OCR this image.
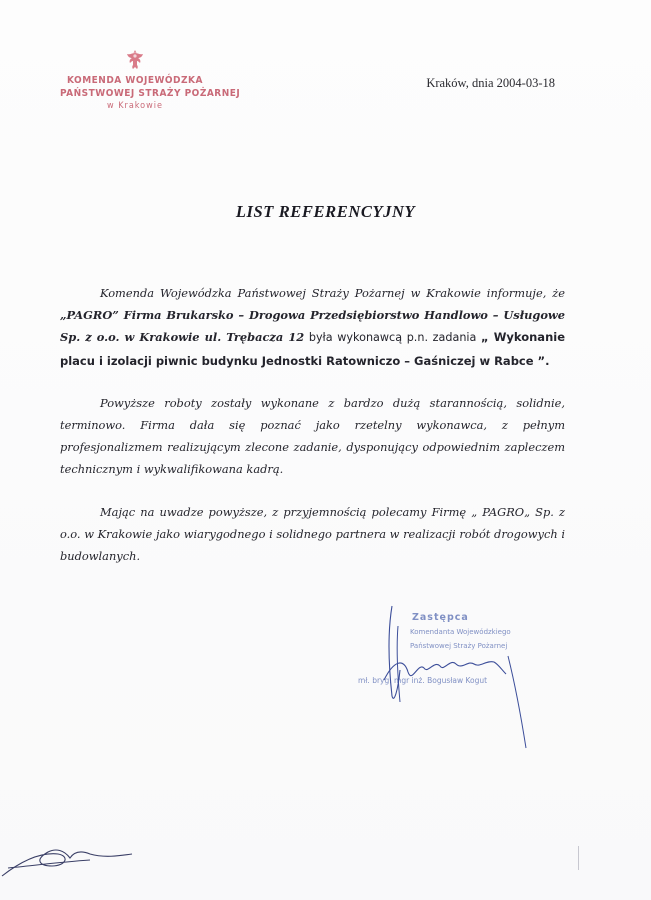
KOMENDA WOJEWÓDZKA
PAŃSTWOWEJ STRAŻY POŻARNEJ
w Krakowie
Kraków, dnia 2004-03-18
LIST REFERENCYJNY

Komenda Wojewódzka Państwowej Straży Pożarnej w Krakowie informuje, że „PAGRO” Firma Brukarsko – Drogowa Przedsiębiorstwo Handlowo – Usługowe Sp. z o.o. w Krakowie ul. Trębacza 12 była wykonawcą p.n. zadania „ Wykonanie placu i izolacji piwnic budynku Jednostki Ratowniczo – Gaśniczej w Rabce ”.

Powyższe roboty zostały wykonane z bardzo dużą starannością, solidnie, terminowo. Firma dała się poznać jako rzetelny wykonawca, z pełnym profesjonalizmem realizującym zlecone zadanie, dysponujący odpowiednim zapleczem technicznym i wykwalifikowana kadrą.

Mając na uwadze powyższe, z przyjemnością polecamy Firmę „ PAGRO„ Sp. z o.o. w Krakowie jako wiarygodnego i solidnego partnera w realizacji robót drogowych i budowlanych.

Zastępca
Komendanta Wojewódzkiego
Państwowej Straży Pożarnej
mł. bryg. mgr inż. Bogusław Kogut
